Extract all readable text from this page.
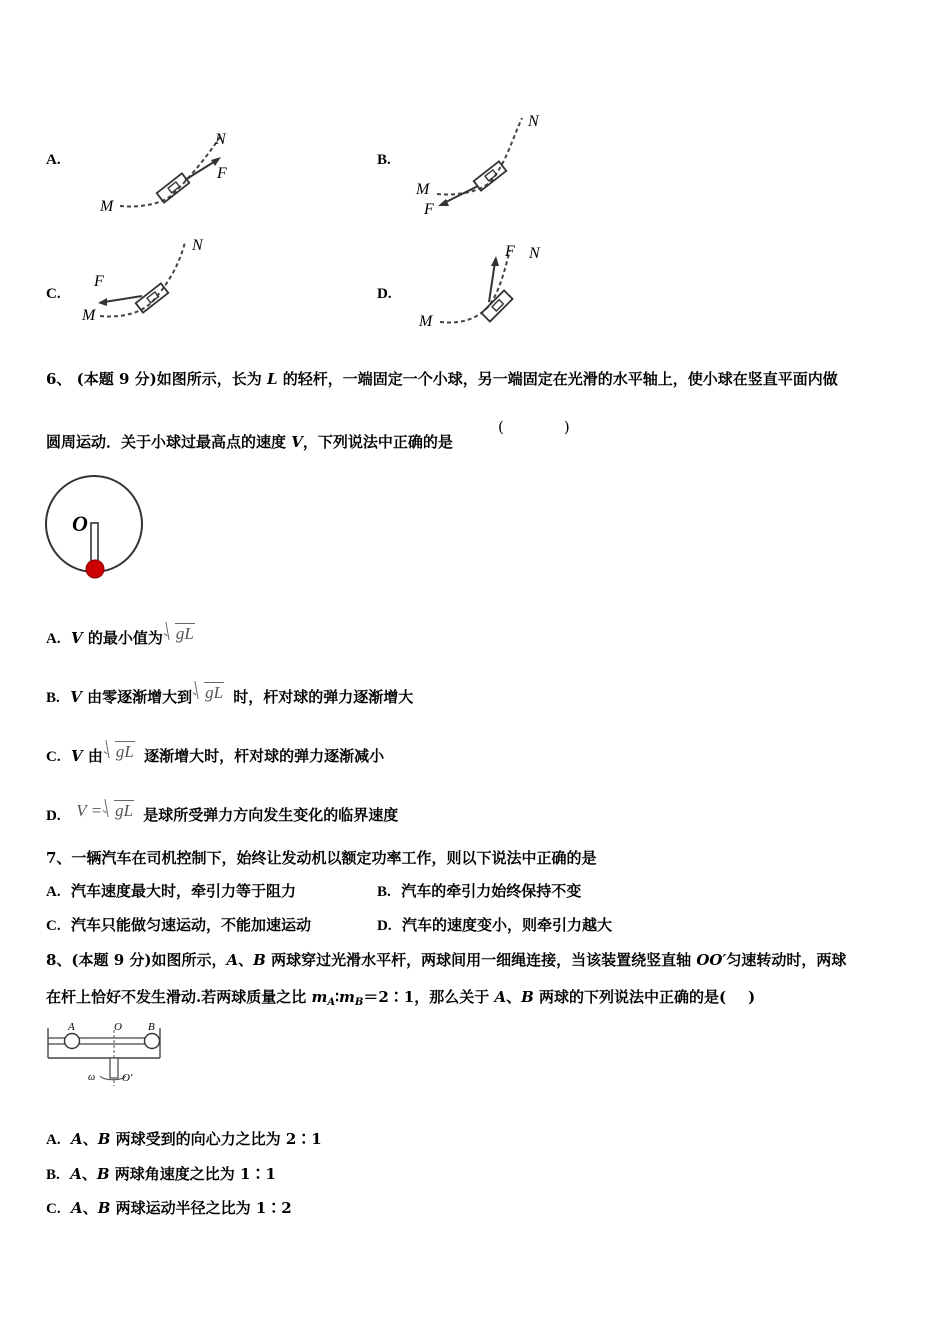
A.
M
N
F
B.
M
N
F
C.
M
N
F
D.
M
N
F
6、 (本题 9 分)如图所示，长为 L 的轻杆，一端固定一个小球，另一端固定在光滑的水平轴上，使小球在竖直平面内做
圆周运动．关于小球过最高点的速度 V，下列说法中正确的是
(	)
O
A. V 的最小值为 gL
B. V 由零逐渐增大到 gL 时，杆对球的弹力逐渐增大
C. V 由 gL 逐渐增大时，杆对球的弹力逐渐减小
D. V = gL 是球所受弹力方向发生变化的临界速度
7、一辆汽车在司机控制下，始终让发动机以额定功率工作，则以下说法中正确的是
A. 汽车速度最大时，牵引力等于阻力	B. 汽车的牵引力始终保持不变
C. 汽车只能做匀速运动，不能加速运动	D. 汽车的速度变小，则牵引力越大
8、(本题 9 分)如图所示，A、B 两球穿过光滑水平杆，两球间用一细绳连接，当该装置绕竖直轴 OO′匀速转动时，两球
在杆上恰好不发生滑动.若两球质量之比 $m_A∶m_B=2∶1$，那么关于 A、B 两球的下列说法中正确的是( )
A	O B
ω O′
A. A、B 两球受到的向心力之比为 2∶1
B. A、B 两球角速度之比为 1∶1
C. A、B 两球运动半径之比为 1∶2
